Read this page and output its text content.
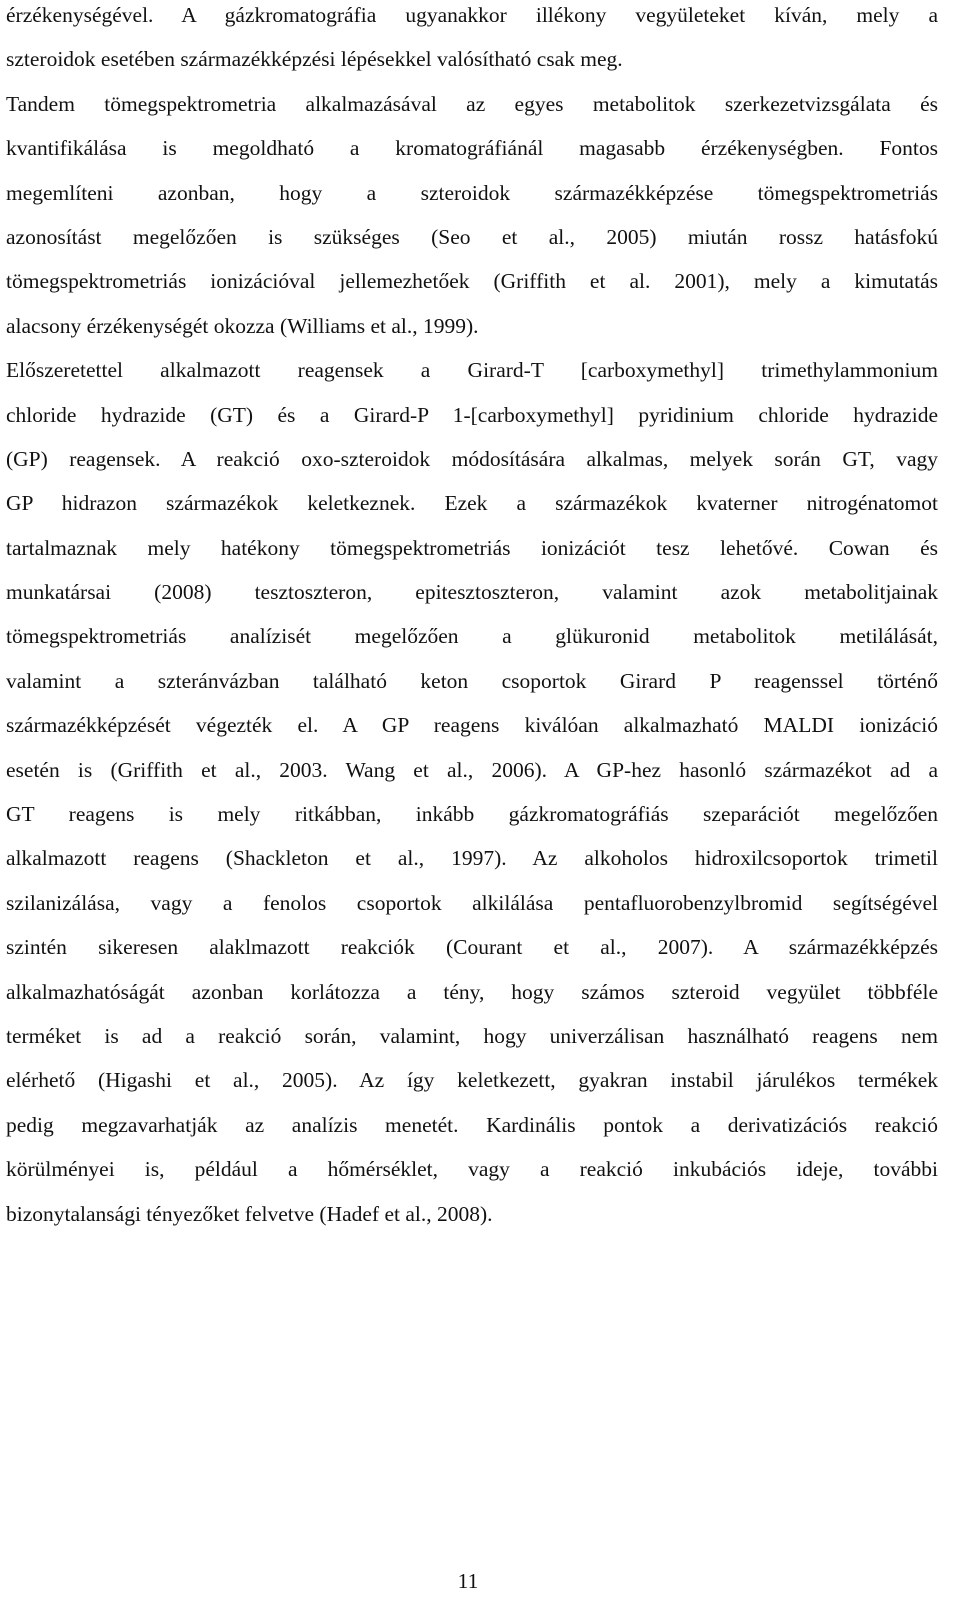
érzékenységével. A gázkromatográfia ugyanakkor illékony vegyületeket kíván, mely a
szteroidok esetében származékképzési lépésekkel valósítható csak meg.
Tandem tömegspektrometria alkalmazásával az egyes metabolitok szerkezetvizsgálata és
kvantifikálása is megoldható a kromatográfiánál magasabb érzékenységben. Fontos
megemlíteni azonban, hogy a szteroidok származékképzése tömegspektrometriás
azonosítást megelőzően is szükséges (Seo et al., 2005) miután rossz hatásfokú
tömegspektrometriás ionizációval jellemezhetőek (Griffith et al. 2001), mely a kimutatás
alacsony érzékenységét okozza (Williams et al., 1999).
Előszeretettel alkalmazott reagensek a Girard-T [carboxymethyl] trimethylammonium
chloride hydrazide (GT) és a Girard-P 1-[carboxymethyl] pyridinium chloride hydrazide
(GP) reagensek. A reakció oxo-szteroidok módosítására alkalmas, melyek során GT, vagy
GP hidrazon származékok keletkeznek. Ezek a származékok kvaterner nitrogénatomot
tartalmaznak mely hatékony tömegspektrometriás ionizációt tesz lehetővé. Cowan és
munkatársai (2008) tesztoszteron, epitesztoszteron, valamint azok metabolitjainak
tömegspektrometriás analízisét megelőzően a glükuronid metabolitok metilálását,
valamint a szteránvázban található keton csoportok Girard P reagenssel történő
származékképzését végezték el. A GP reagens kiválóan alkalmazható MALDI ionizáció
esetén is (Griffith et al., 2003. Wang et al., 2006). A GP-hez hasonló származékot ad a
GT reagens is mely ritkábban, inkább gázkromatográfiás szeparációt megelőzően
alkalmazott reagens (Shackleton et al., 1997). Az alkoholos hidroxilcsoportok trimetil
szilanizálása, vagy a fenolos csoportok alkilálása pentafluorobenzylbromid segítségével
szintén sikeresen alaklmazott reakciók (Courant et al., 2007). A származékképzés
alkalmazhatóságát azonban korlátozza a tény, hogy számos szteroid vegyület többféle
terméket is ad a reakció során, valamint, hogy univerzálisan használható reagens nem
elérhető (Higashi et al., 2005). Az így keletkezett, gyakran instabil járulékos termékek
pedig megzavarhatják az analízis menetét. Kardinális pontok a derivatizációs reakció
körülményei is, például a hőmérséklet, vagy a reakció inkubációs ideje, további
bizonytalansági tényezőket felvetve (Hadef et al., 2008).
11
